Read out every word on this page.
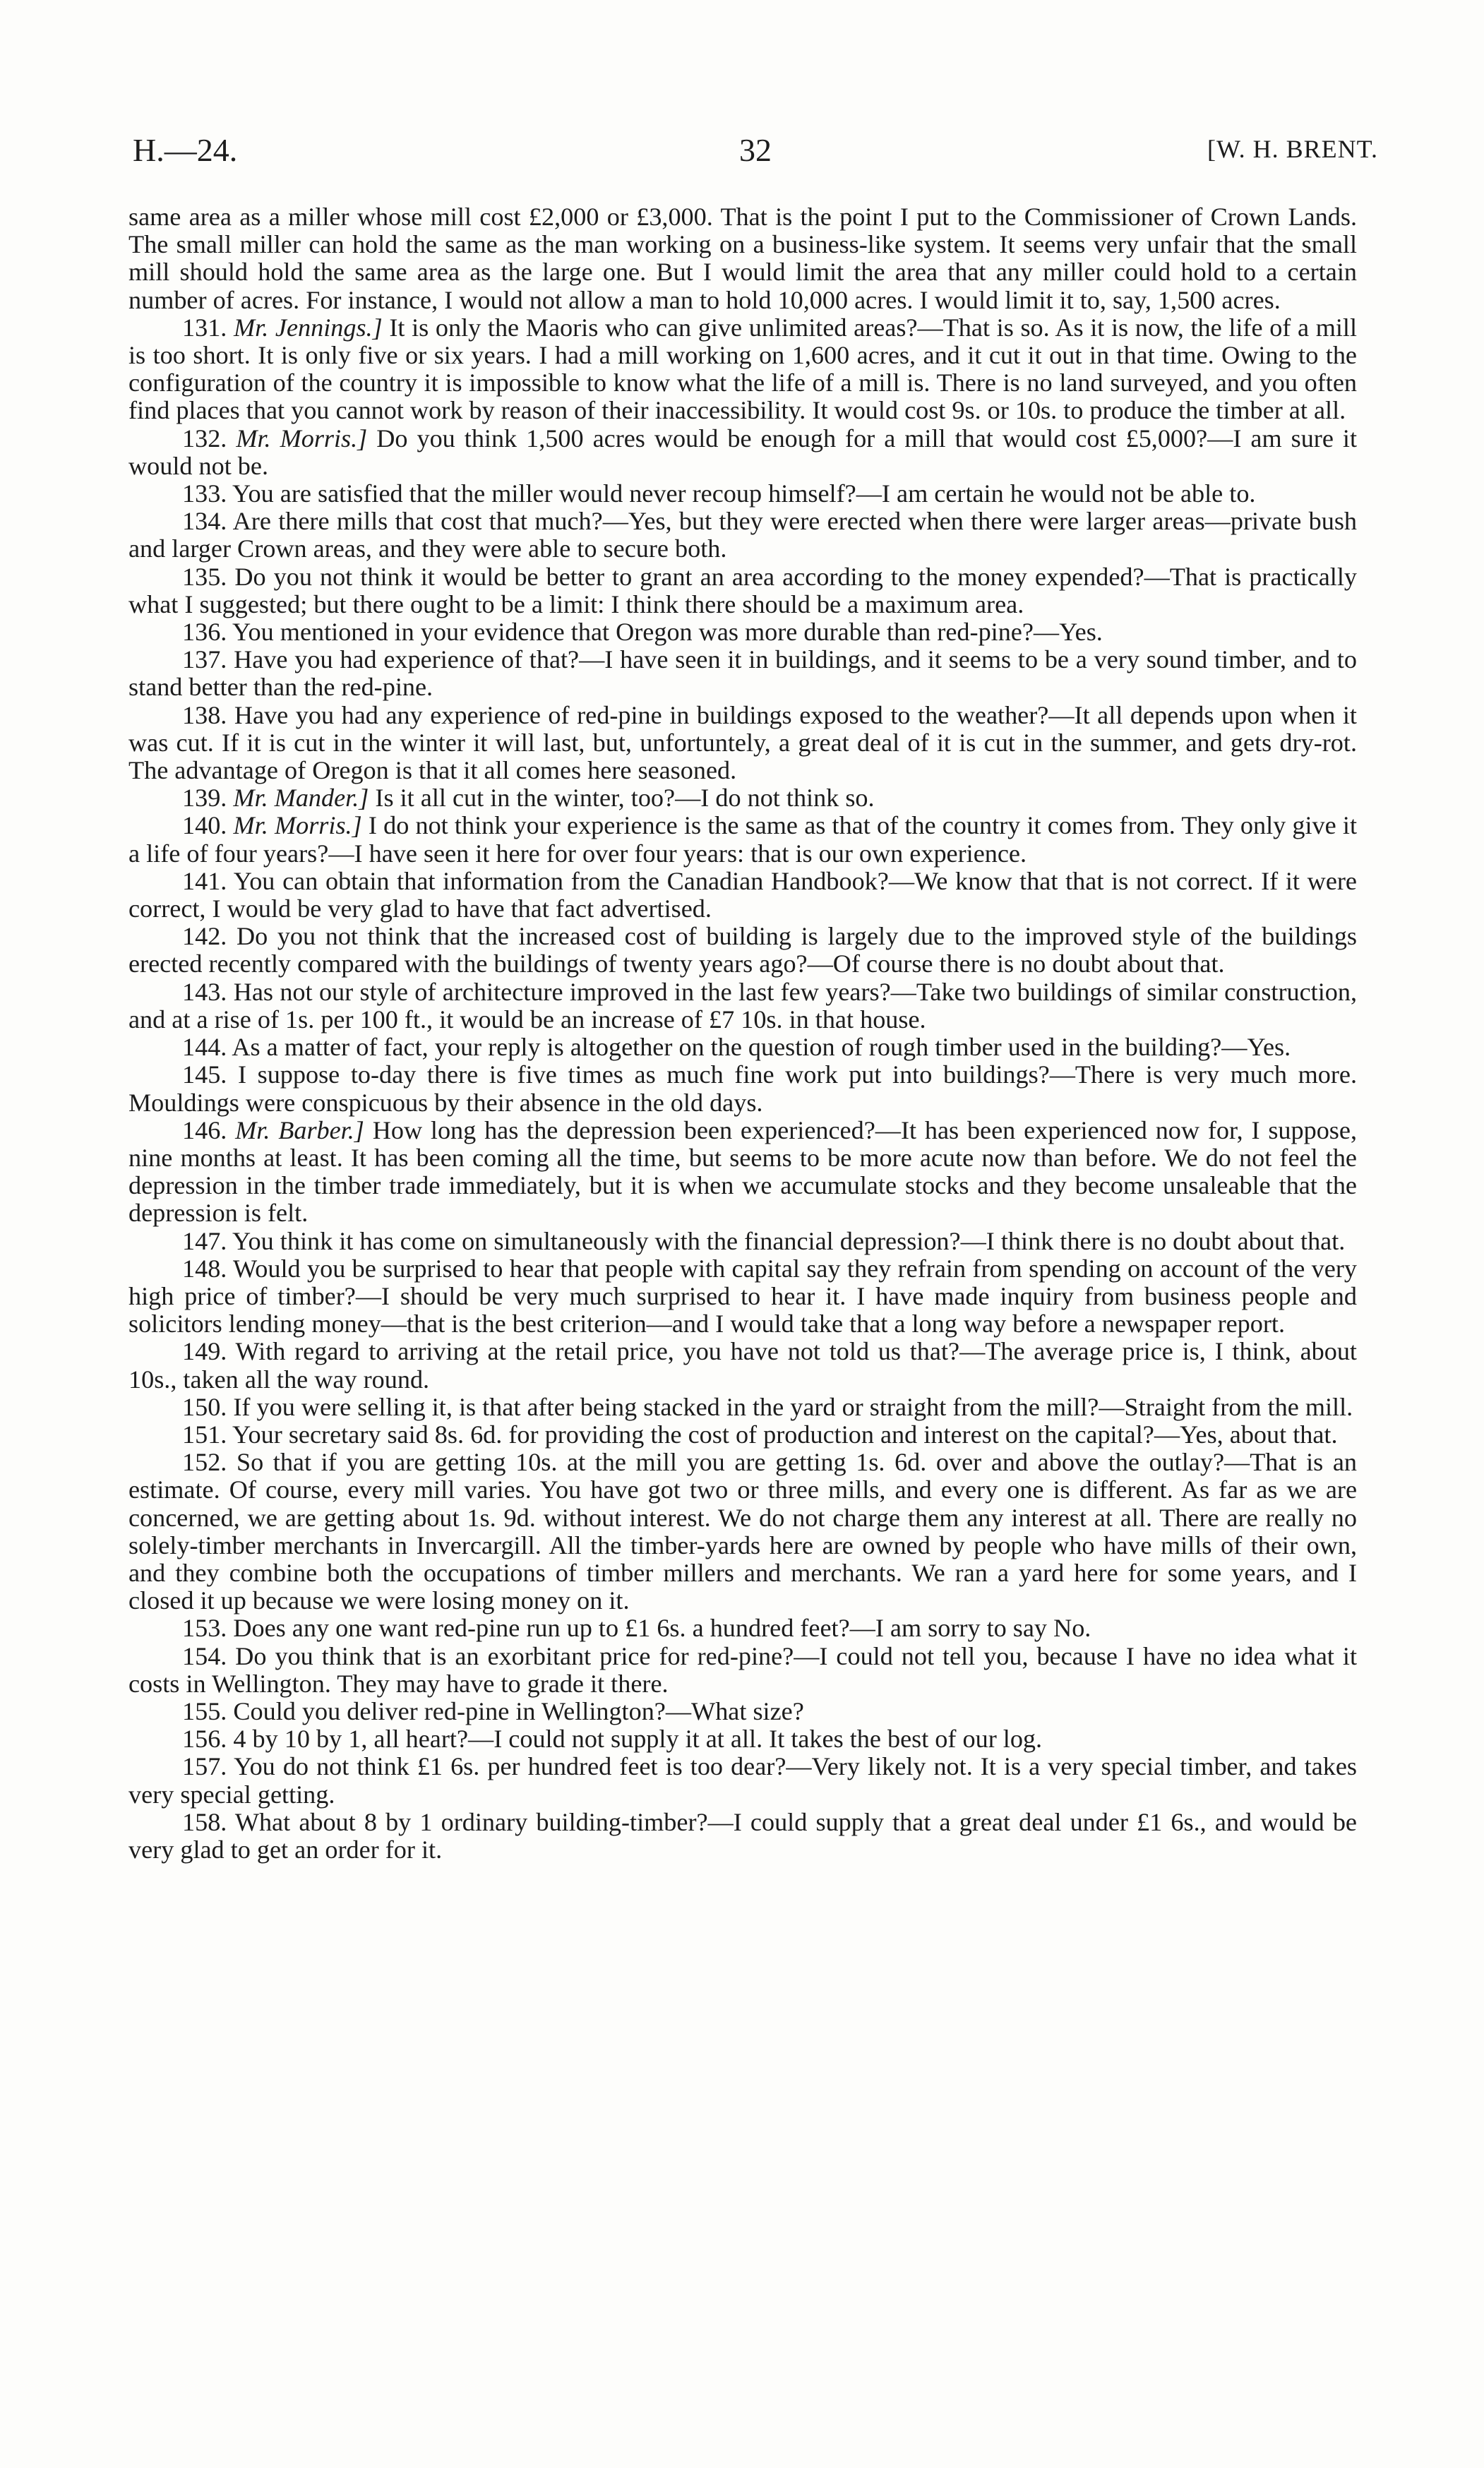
H.—24.	32	[W. H. BRENT.

same area as a miller whose mill cost £2,000 or £3,000. That is the point I put to the Commissioner of Crown Lands. The small miller can hold the same as the man working on a business-like system. It seems very unfair that the small mill should hold the same area as the large one. But I would limit the area that any miller could hold to a certain number of acres. For instance, I would not allow a man to hold 10,000 acres. I would limit it to, say, 1,500 acres.

131. Mr. Jennings.] It is only the Maoris who can give unlimited areas?—That is so. As it is now, the life of a mill is too short. It is only five or six years. I had a mill working on 1,600 acres, and it cut it out in that time. Owing to the configuration of the country it is impossible to know what the life of a mill is. There is no land surveyed, and you often find places that you cannot work by reason of their inaccessibility. It would cost 9s. or 10s. to produce the timber at all.

132. Mr. Morris.] Do you think 1,500 acres would be enough for a mill that would cost £5,000?—I am sure it would not be.

133. You are satisfied that the miller would never recoup himself?—I am certain he would not be able to.

134. Are there mills that cost that much?—Yes, but they were erected when there were larger areas—private bush and larger Crown areas, and they were able to secure both.

135. Do you not think it would be better to grant an area according to the money expended?—That is practically what I suggested; but there ought to be a limit: I think there should be a maximum area.

136. You mentioned in your evidence that Oregon was more durable than red-pine?—Yes.

137. Have you had experience of that?—I have seen it in buildings, and it seems to be a very sound timber, and to stand better than the red-pine.

138. Have you had any experience of red-pine in buildings exposed to the weather?—It all depends upon when it was cut. If it is cut in the winter it will last, but, unfortuntely, a great deal of it is cut in the summer, and gets dry-rot. The advantage of Oregon is that it all comes here seasoned.

139. Mr. Mander.] Is it all cut in the winter, too?—I do not think so.

140. Mr. Morris.] I do not think your experience is the same as that of the country it comes from. They only give it a life of four years?—I have seen it here for over four years: that is our own experience.

141. You can obtain that information from the Canadian Handbook?—We know that that is not correct. If it were correct, I would be very glad to have that fact advertised.

142. Do you not think that the increased cost of building is largely due to the improved style of the buildings erected recently compared with the buildings of twenty years ago?—Of course there is no doubt about that.

143. Has not our style of architecture improved in the last few years?—Take two buildings of similar construction, and at a rise of 1s. per 100 ft., it would be an increase of £7 10s. in that house.

144. As a matter of fact, your reply is altogether on the question of rough timber used in the building?—Yes.

145. I suppose to-day there is five times as much fine work put into buildings?—There is very much more. Mouldings were conspicuous by their absence in the old days.

146. Mr. Barber.] How long has the depression been experienced?—It has been experienced now for, I suppose, nine months at least. It has been coming all the time, but seems to be more acute now than before. We do not feel the depression in the timber trade immediately, but it is when we accumulate stocks and they become unsaleable that the depression is felt.

147. You think it has come on simultaneously with the financial depression?—I think there is no doubt about that.

148. Would you be surprised to hear that people with capital say they refrain from spending on account of the very high price of timber?—I should be very much surprised to hear it. I have made inquiry from business people and solicitors lending money—that is the best criterion—and I would take that a long way before a newspaper report.

149. With regard to arriving at the retail price, you have not told us that?—The average price is, I think, about 10s., taken all the way round.

150. If you were selling it, is that after being stacked in the yard or straight from the mill?—Straight from the mill.

151. Your secretary said 8s. 6d. for providing the cost of production and interest on the capital?—Yes, about that.

152. So that if you are getting 10s. at the mill you are getting 1s. 6d. over and above the outlay?—That is an estimate. Of course, every mill varies. You have got two or three mills, and every one is different. As far as we are concerned, we are getting about 1s. 9d. without interest. We do not charge them any interest at all. There are really no solely-timber merchants in Invercargill. All the timber-yards here are owned by people who have mills of their own, and they combine both the occupations of timber millers and merchants. We ran a yard here for some years, and I closed it up because we were losing money on it.

153. Does any one want red-pine run up to £1 6s. a hundred feet?—I am sorry to say No.

154. Do you think that is an exorbitant price for red-pine?—I could not tell you, because I have no idea what it costs in Wellington. They may have to grade it there.

155. Could you deliver red-pine in Wellington?—What size?

156. 4 by 10 by 1, all heart?—I could not supply it at all. It takes the best of our log.

157. You do not think £1 6s. per hundred feet is too dear?—Very likely not. It is a very special timber, and takes very special getting.

158. What about 8 by 1 ordinary building-timber?—I could supply that a great deal under £1 6s., and would be very glad to get an order for it.
